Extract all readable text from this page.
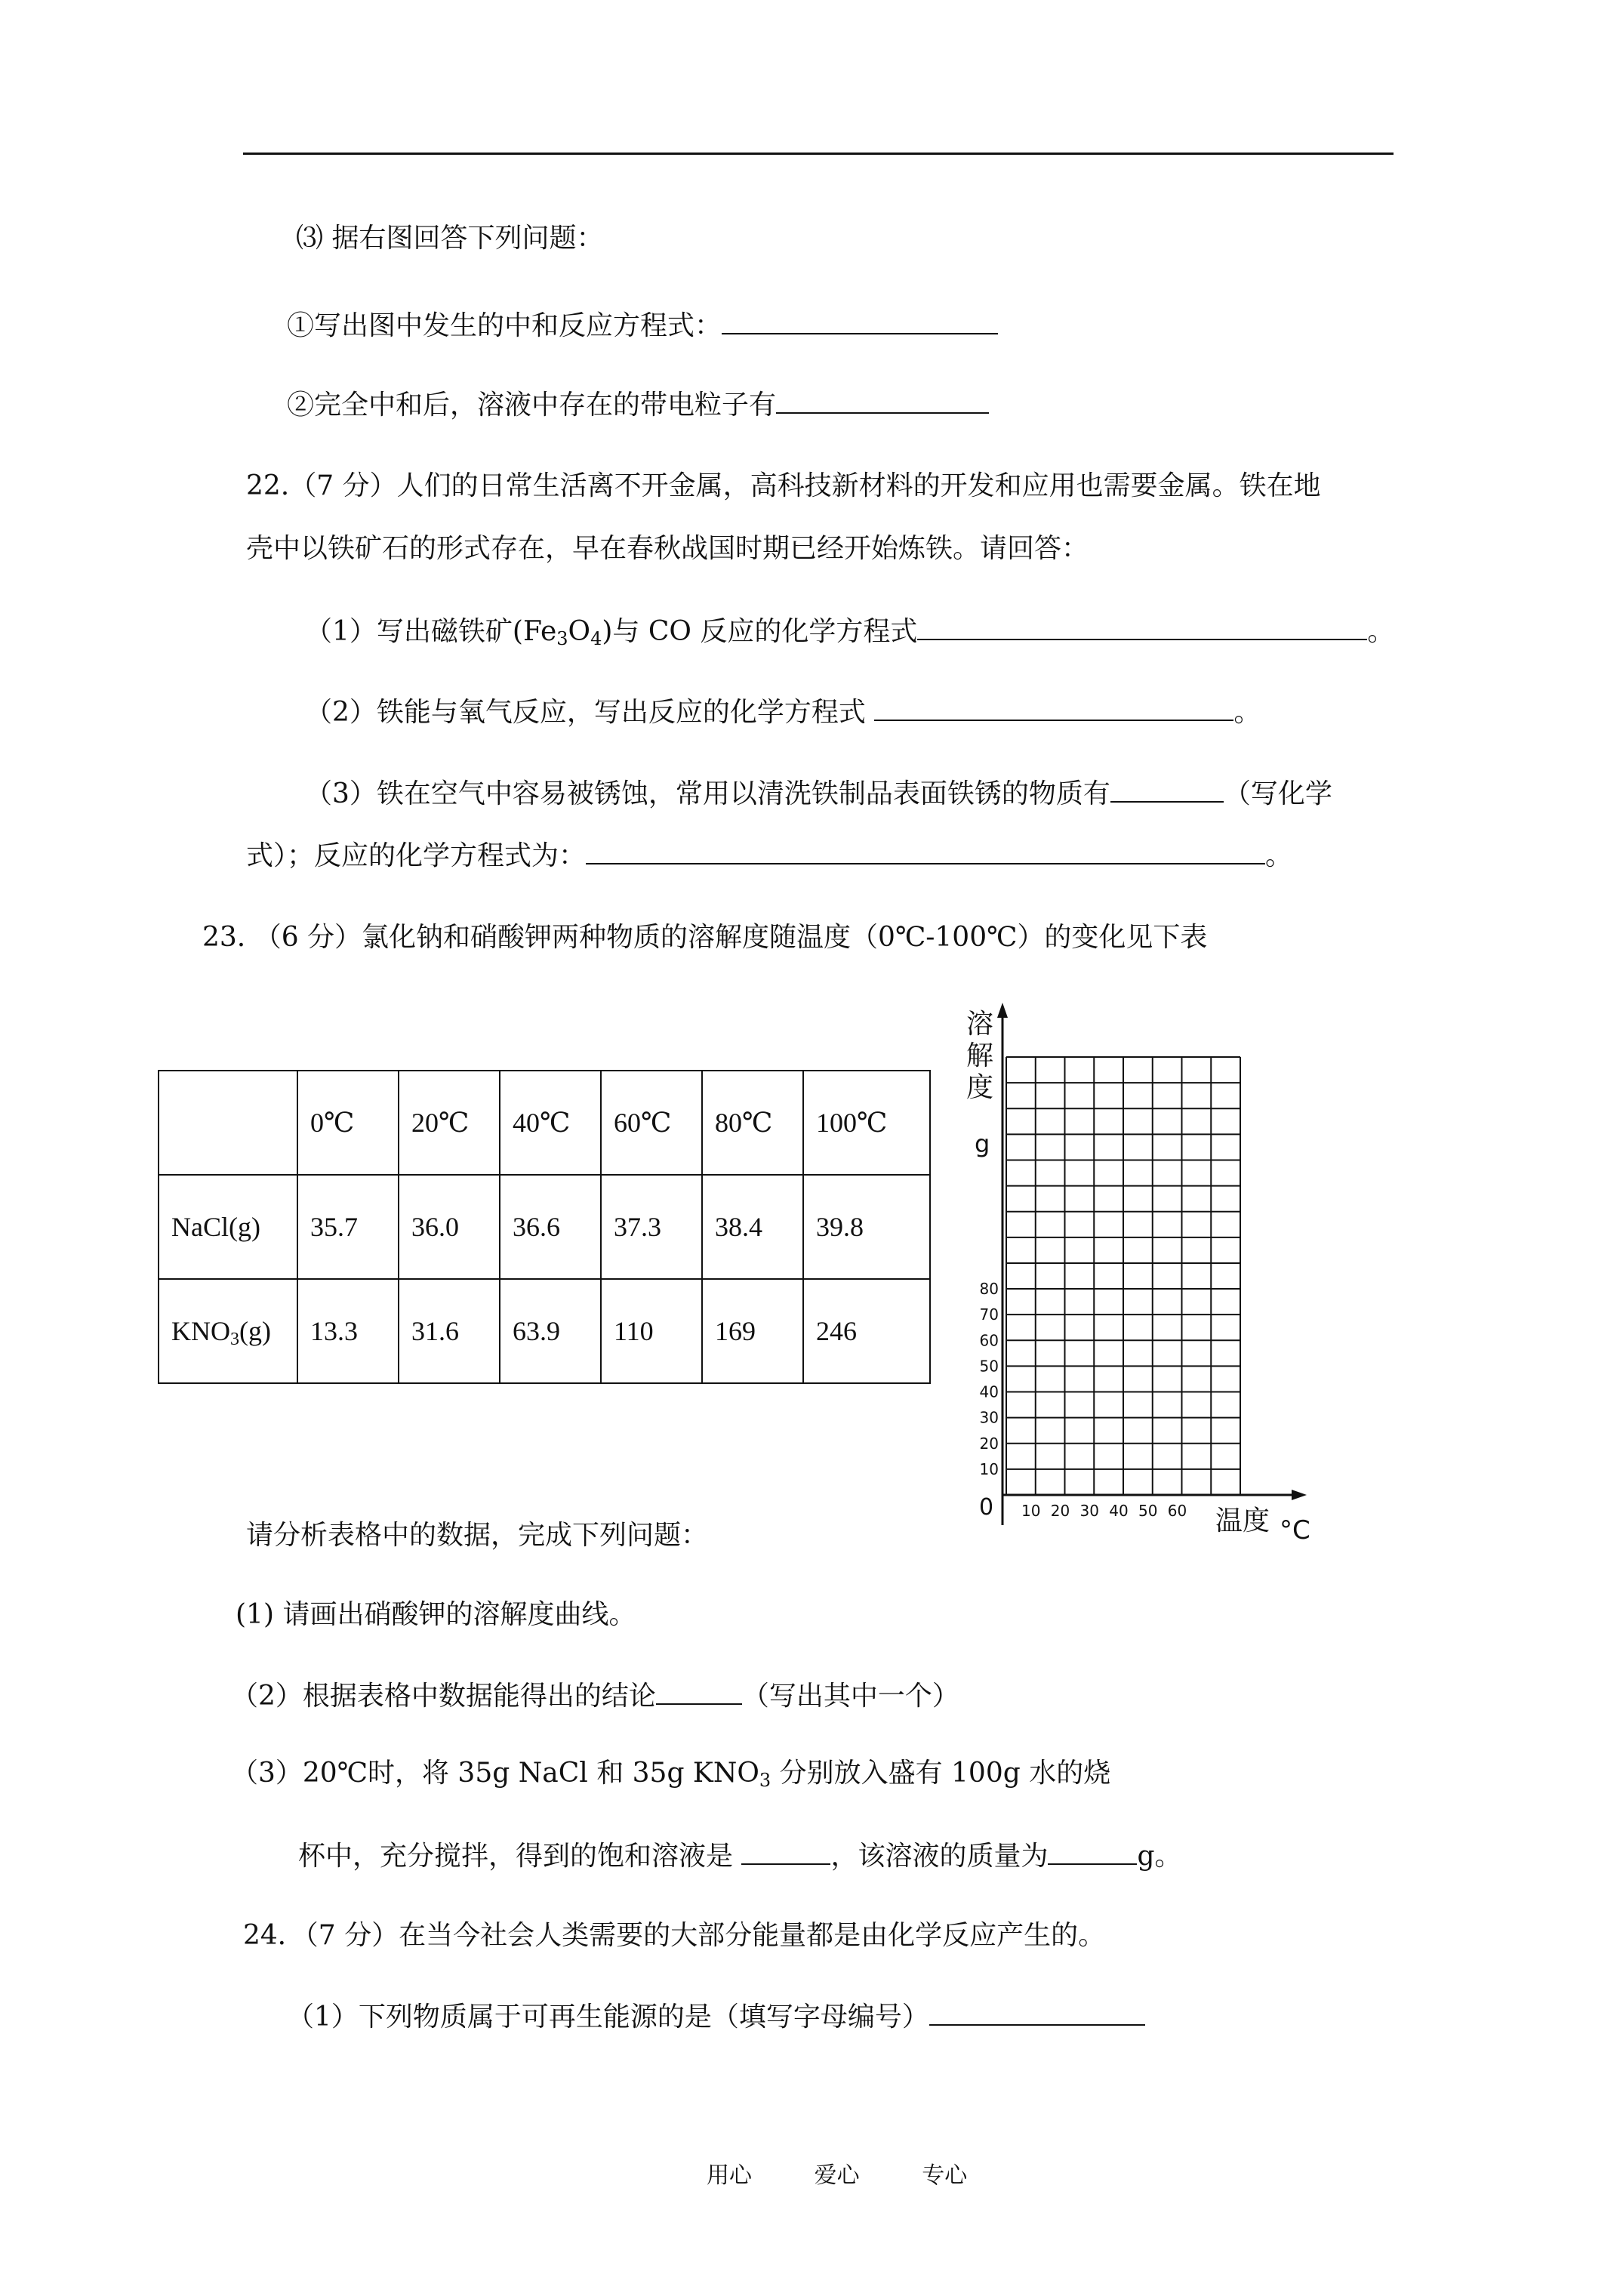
⑶ 据右图回答下列问题：
①写出图中发生的中和反应方程式：
②完全中和后，溶液中存在的带电粒子有
22.（7 分）人们的日常生活离不开金属，高科技新材料的开发和应用也需要金属。铁在地
壳中以铁矿石的形式存在，早在春秋战国时期已经开始炼铁。请回答：
（1）写出磁铁矿$(Fe_3O_4)$与 CO 反应的化学方程式	。
（2）铁能与氧气反应，写出反应的化学方程式	。
（3）铁在空气中容易被锈蚀，常用以清洗铁制品表面铁锈的物质有	（写化学
式）；反应的化学方程式为：	。
23. （6 分）氯化钠和硝酸钾两种物质的溶解度随温度（0℃-100℃）的变化见下表
	0℃	20℃	40℃	60℃	80℃	100℃
NaCl(g)	35.7	36.0	36.6	37.3	38.4	39.8
$KNO_3(g)$	13.3	31.6	63.9	110	169	246
溶
解
度
g
0	温度 °C
10
20
30
40
50
60
70
80
10 20 30 40 50 60
请分析表格中的数据，完成下列问题：
(1) 请画出硝酸钾的溶解度曲线。
（2）根据表格中数据能得出的结论	（写出其中一个）
（3）20℃时，将 35g NaCl 和 35g $KNO_3$ 分别放入盛有 100g 水的烧
杯中，充分搅拌，得到的饱和溶液是	，该溶液的质量为	g。
24．（7 分）在当今社会人类需要的大部分能量都是由化学反应产生的。
（1）下列物质属于可再生能源的是（填写字母编号）
用心   爱心   专心
